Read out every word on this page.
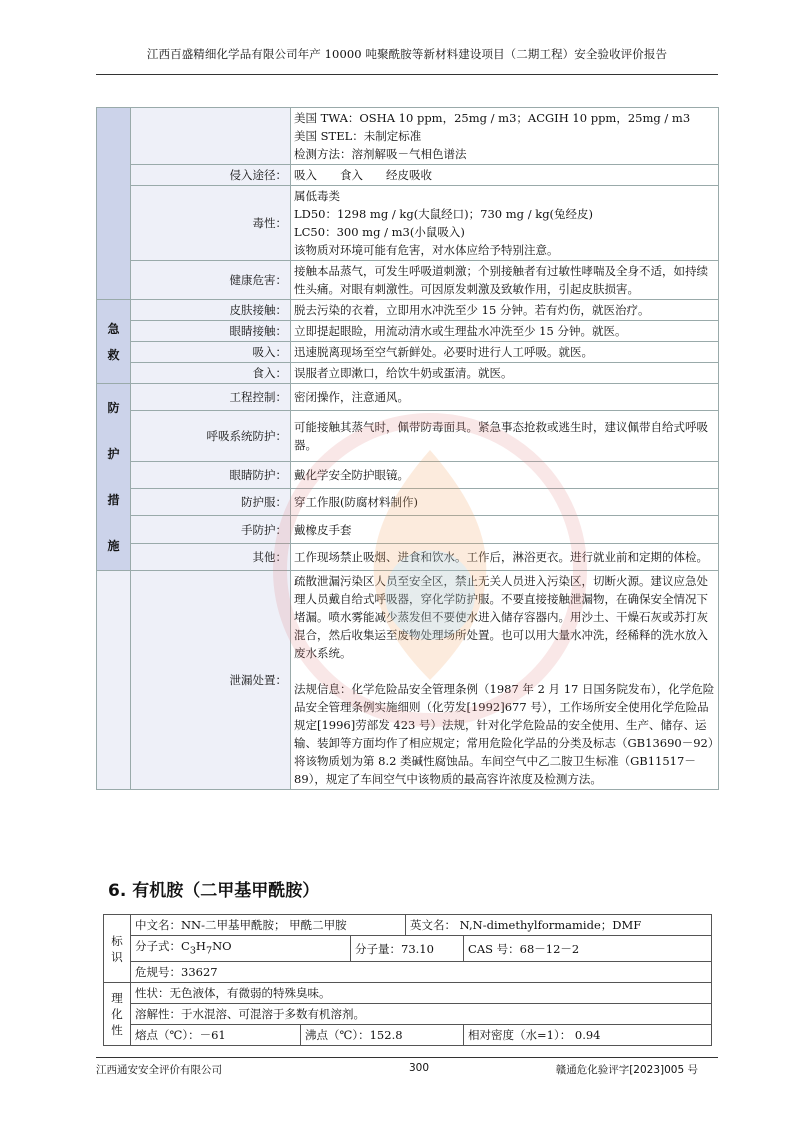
江西百盛精细化学品有限公司年产 10000 吨聚酰胺等新材料建设项目（二期工程）安全验收评价报告

		美国 TWA：OSHA 10 ppm，25mg / m3；ACGIH 10 ppm，25mg / m3
美国 STEL：未制定标准
检测方法：溶剂解吸－气相色谱法

	侵入途径：	吸入　　食入　　经皮吸收

	毒性：	属低毒类
LD50：1298 mg / kg(大鼠经口)；730 mg / kg(兔经皮)
LC50：300 mg / m3(小鼠吸入)
该物质对环境可能有危害，对水体应给予特别注意。

	健康危害：	接触本品蒸气，可发生呼吸道刺激；个别接触者有过敏性哮喘及全身不适，如持续性头痛。对眼有刺激性。可因原发刺激及致敏作用，引起皮肤损害。

急
救	皮肤接触：	脱去污染的衣着，立即用水冲洗至少 15 分钟。若有灼伤，就医治疗。
	眼睛接触：	立即提起眼睑，用流动清水或生理盐水冲洗至少 15 分钟。就医。
	吸入：	迅速脱离现场至空气新鲜处。必要时进行人工呼吸。就医。
	食入：	误服者立即漱口，给饮牛奶或蛋清。就医。

防
护
措
施	工程控制：	密闭操作，注意通风。
	呼吸系统防护：	可能接触其蒸气时，佩带防毒面具。紧急事态抢救或逃生时，建议佩带自给式呼吸器。
	眼睛防护：	戴化学安全防护眼镜。
	防护服：	穿工作服(防腐材料制作)
	手防护：	戴橡皮手套
	其他：	工作现场禁止吸烟、进食和饮水。工作后，淋浴更衣。进行就业前和定期的体检。
	泄漏处置：	疏散泄漏污染区人员至安全区，禁止无关人员进入污染区，切断火源。建议应急处理人员戴自给式呼吸器，穿化学防护服。不要直接接触泄漏物，在确保安全情况下堵漏。喷水雾能减少蒸发但不要使水进入储存容器内。用沙土、干燥石灰或苏打灰混合，然后收集运至废物处理场所处置。也可以用大量水冲洗，经稀释的洗水放入废水系统。
法规信息：化学危险品安全管理条例（1987 年 2 月 17 日国务院发布），化学危险品安全管理条例实施细则（化劳发[1992]677 号），工作场所安全使用化学危险品规定[1996]劳部发 423 号）法规，针对化学危险品的安全使用、生产、储存、运输、装卸等方面均作了相应规定；常用危险化学品的分类及标志（GB13690－92）将该物质划为第 8.2 类碱性腐蚀品。车间空气中乙二胺卫生标准（GB11517－89），规定了车间空气中该物质的最高容许浓度及检测方法。
6. 有机胺（二甲基甲酰胺）
标
识	中文名：NN-二甲基甲酰胺； 甲酰二甲胺			英文名： N,N-dimethylformamide；DMF	
	分子式：$C_3H_7NO$		分子量：73.10		CAS 号：68－12－2
	危规号：33627				

理
化
性	性状：无色液体，有微弱的特殊臭味。				
	溶解性：于水混溶、可混溶于多数有机溶剂。				
	熔点（℃）：－61	沸点（℃）：152.8			相对密度（水=1）： 0.94
江西通安安全评价有限公司	300	赣通危化验评字[2023]005 号
